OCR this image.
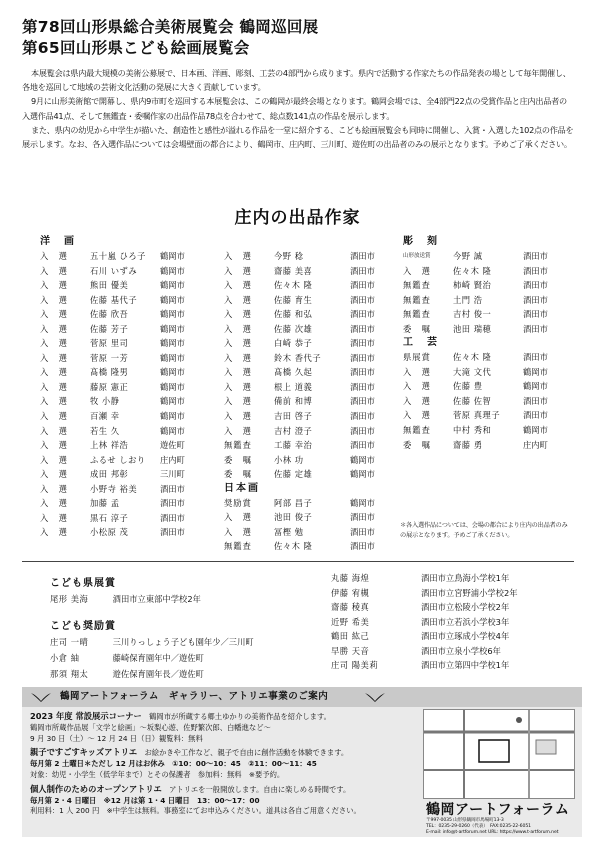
第78回山形県総合美術展覧会 鶴岡巡回展
第65回山形県こども絵画展覧会

本展覧会は県内最大規模の美術公募展で、日本画、洋画、彫刻、工芸の4部門から成ります。県内で活動する作家たちの作品発表の場として毎年開催し、各地を巡回して地域の芸術文化活動の発展に大きく貢献しています。

9月に山形美術館で開幕し、県内9市町を巡回する本展覧会は、この鶴岡が最終会場となります。鶴岡会場では、全4部門22点の受賞作品と庄内出品者の入選作品41点、そして無鑑査・委嘱作家の出品作品78点を合わせて、総点数141点の作品を展示します。

また、県内の幼児から中学生が描いた、創造性と感性が溢れる作品を一堂に紹介する、こども絵画展覧会も同時に開催し、入賞・入選した102点の作品を展示します。なお、各入選作品については会場壁面の都合により、鶴岡市、庄内町、三川町、遊佐町の出品者のみの展示となります。予めご了承ください。

庄内の出品作家
洋　画
入　選	五十嵐 ひろ子	鶴岡市
入　選	石川 いずみ	鶴岡市
入　選	熊田 優美	鶴岡市
入　選	佐藤 基代子	鶴岡市
入　選	佐藤 欣吾	鶴岡市
入　選	佐藤 芳子	鶴岡市
入　選	菅原 里司	鶴岡市
入　選	菅原 一芳	鶴岡市
入　選	髙橋 隆男	鶴岡市
入　選	藤原 憲正	鶴岡市
入　選	牧 小静	鶴岡市
入　選	百瀬 幸	鶴岡市
入　選	若生 久	鶴岡市
入　選	上林 祥浩	遊佐町
入　選	ふるせ しおり	庄内町
入　選	成田 邦彰	三川町
入　選	小野寺 裕美	酒田市
入　選	加藤 孟	酒田市
入　選	黒石 淳子	酒田市
入　選	小松原 茂	酒田市
入　選	今野 稔	酒田市
入　選	齋藤 美喜	酒田市
入　選	佐々木 隆	酒田市
入　選	佐藤 育生	酒田市
入　選	佐藤 和弘	酒田市
入　選	佐藤 次雄	酒田市
入　選	白崎 恭子	酒田市
入　選	鈴木 香代子	酒田市
入　選	髙橋 久起	酒田市
入　選	根上 道義	酒田市
入　選	備前 和博	酒田市
入　選	吉田 啓子	酒田市
入　選	吉村 澄子	酒田市
無鑑査	工藤 幸治	酒田市
委　嘱	小林 功	鶴岡市
委　嘱	佐藤 定雄	鶴岡市
日本画
奨励賞	阿部 昌子	鶴岡市
入　選	池田 俊子	酒田市
入　選	冨樫 勉	酒田市
無鑑査	佐々木 隆	酒田市
彫　刻
山形放送賞	今野 誠	酒田市
入　選	佐々木 隆	酒田市
無鑑査	柿崎 賢治	酒田市
無鑑査	土門 浩	酒田市
無鑑査	吉村 俊一	酒田市
委　嘱	池田 瑞穂	酒田市
工　芸
県展賞	佐々木 隆	酒田市
入　選	大滝 文代	鶴岡市
入　選	佐藤 豊	鶴岡市
入　選	佐藤 佐智	酒田市
入　選	菅原 真理子	酒田市
無鑑査	中村 秀和	鶴岡市
委　嘱	齋藤 勇	庄内町
＊各入選作品については、会場の都合により庄内の出品者のみの展示となります。予めご了承ください。
こども県展賞
尾形 美海	酒田市立東部中学校2年
こども奨励賞
庄司 一晴	三川りっしょう子ども園年少／三川町
小倉 紬	藤崎保育園年中／遊佐町
那須 翔太	遊佐保育園年長／遊佐町
丸藤 海煌	酒田市立鳥海小学校1年
伊藤 宥槻	酒田市立宮野浦小学校2年
齋藤 稜真	酒田市立松陵小学校2年
近野 希美	酒田市立若浜小学校3年
鶴田 紘己	酒田市立琢成小学校4年
早勝 天音	酒田市立泉小学校6年
庄司 陽美莉	酒田市立第四中学校1年
鶴岡アートフォーラム　ギャラリー、アトリエ事業のご案内
2023 年度 常設展示コーナー　 鶴岡市が所蔵する郷土ゆかりの美術作品を紹介します。
鶴岡市所蔵作品展「文学と絵画」～坂梨心遊、佐野繁次郎、白幡進など～
9 月 30 日（土）～ 12 月 24 日（日）観覧料：無料
親子ですごすキッズアトリエ　 お絵かきや工作など、親子で自由に創作活動を体験できます。
毎月第 2 土曜日＊ただし 12 月はお休み　①10：00～10：45　②11：00～11：45
対象：幼児・小学生（低学年まで）とその保護者　参加料：無料　※要予約。
個人制作のためのオープンアトリエ　 アトリエを一般開放します。自由に楽しめる時間です。
毎月第 2・4 日曜日　※12 月は第 1・4 日曜日　13：00～17：00
利用料：1 人 200 円　※中学生は無料。事務室にてお申込みください。道具は各自ご用意ください。	鶴岡アートフォーラム
〒997-0035 山形県鶴岡市馬場町13-3
TEL：0235-29-0260（代表）　FAX:0235-22-6051
E-mail: info@t-artforum.net URL: https://www.t-artforum.net
